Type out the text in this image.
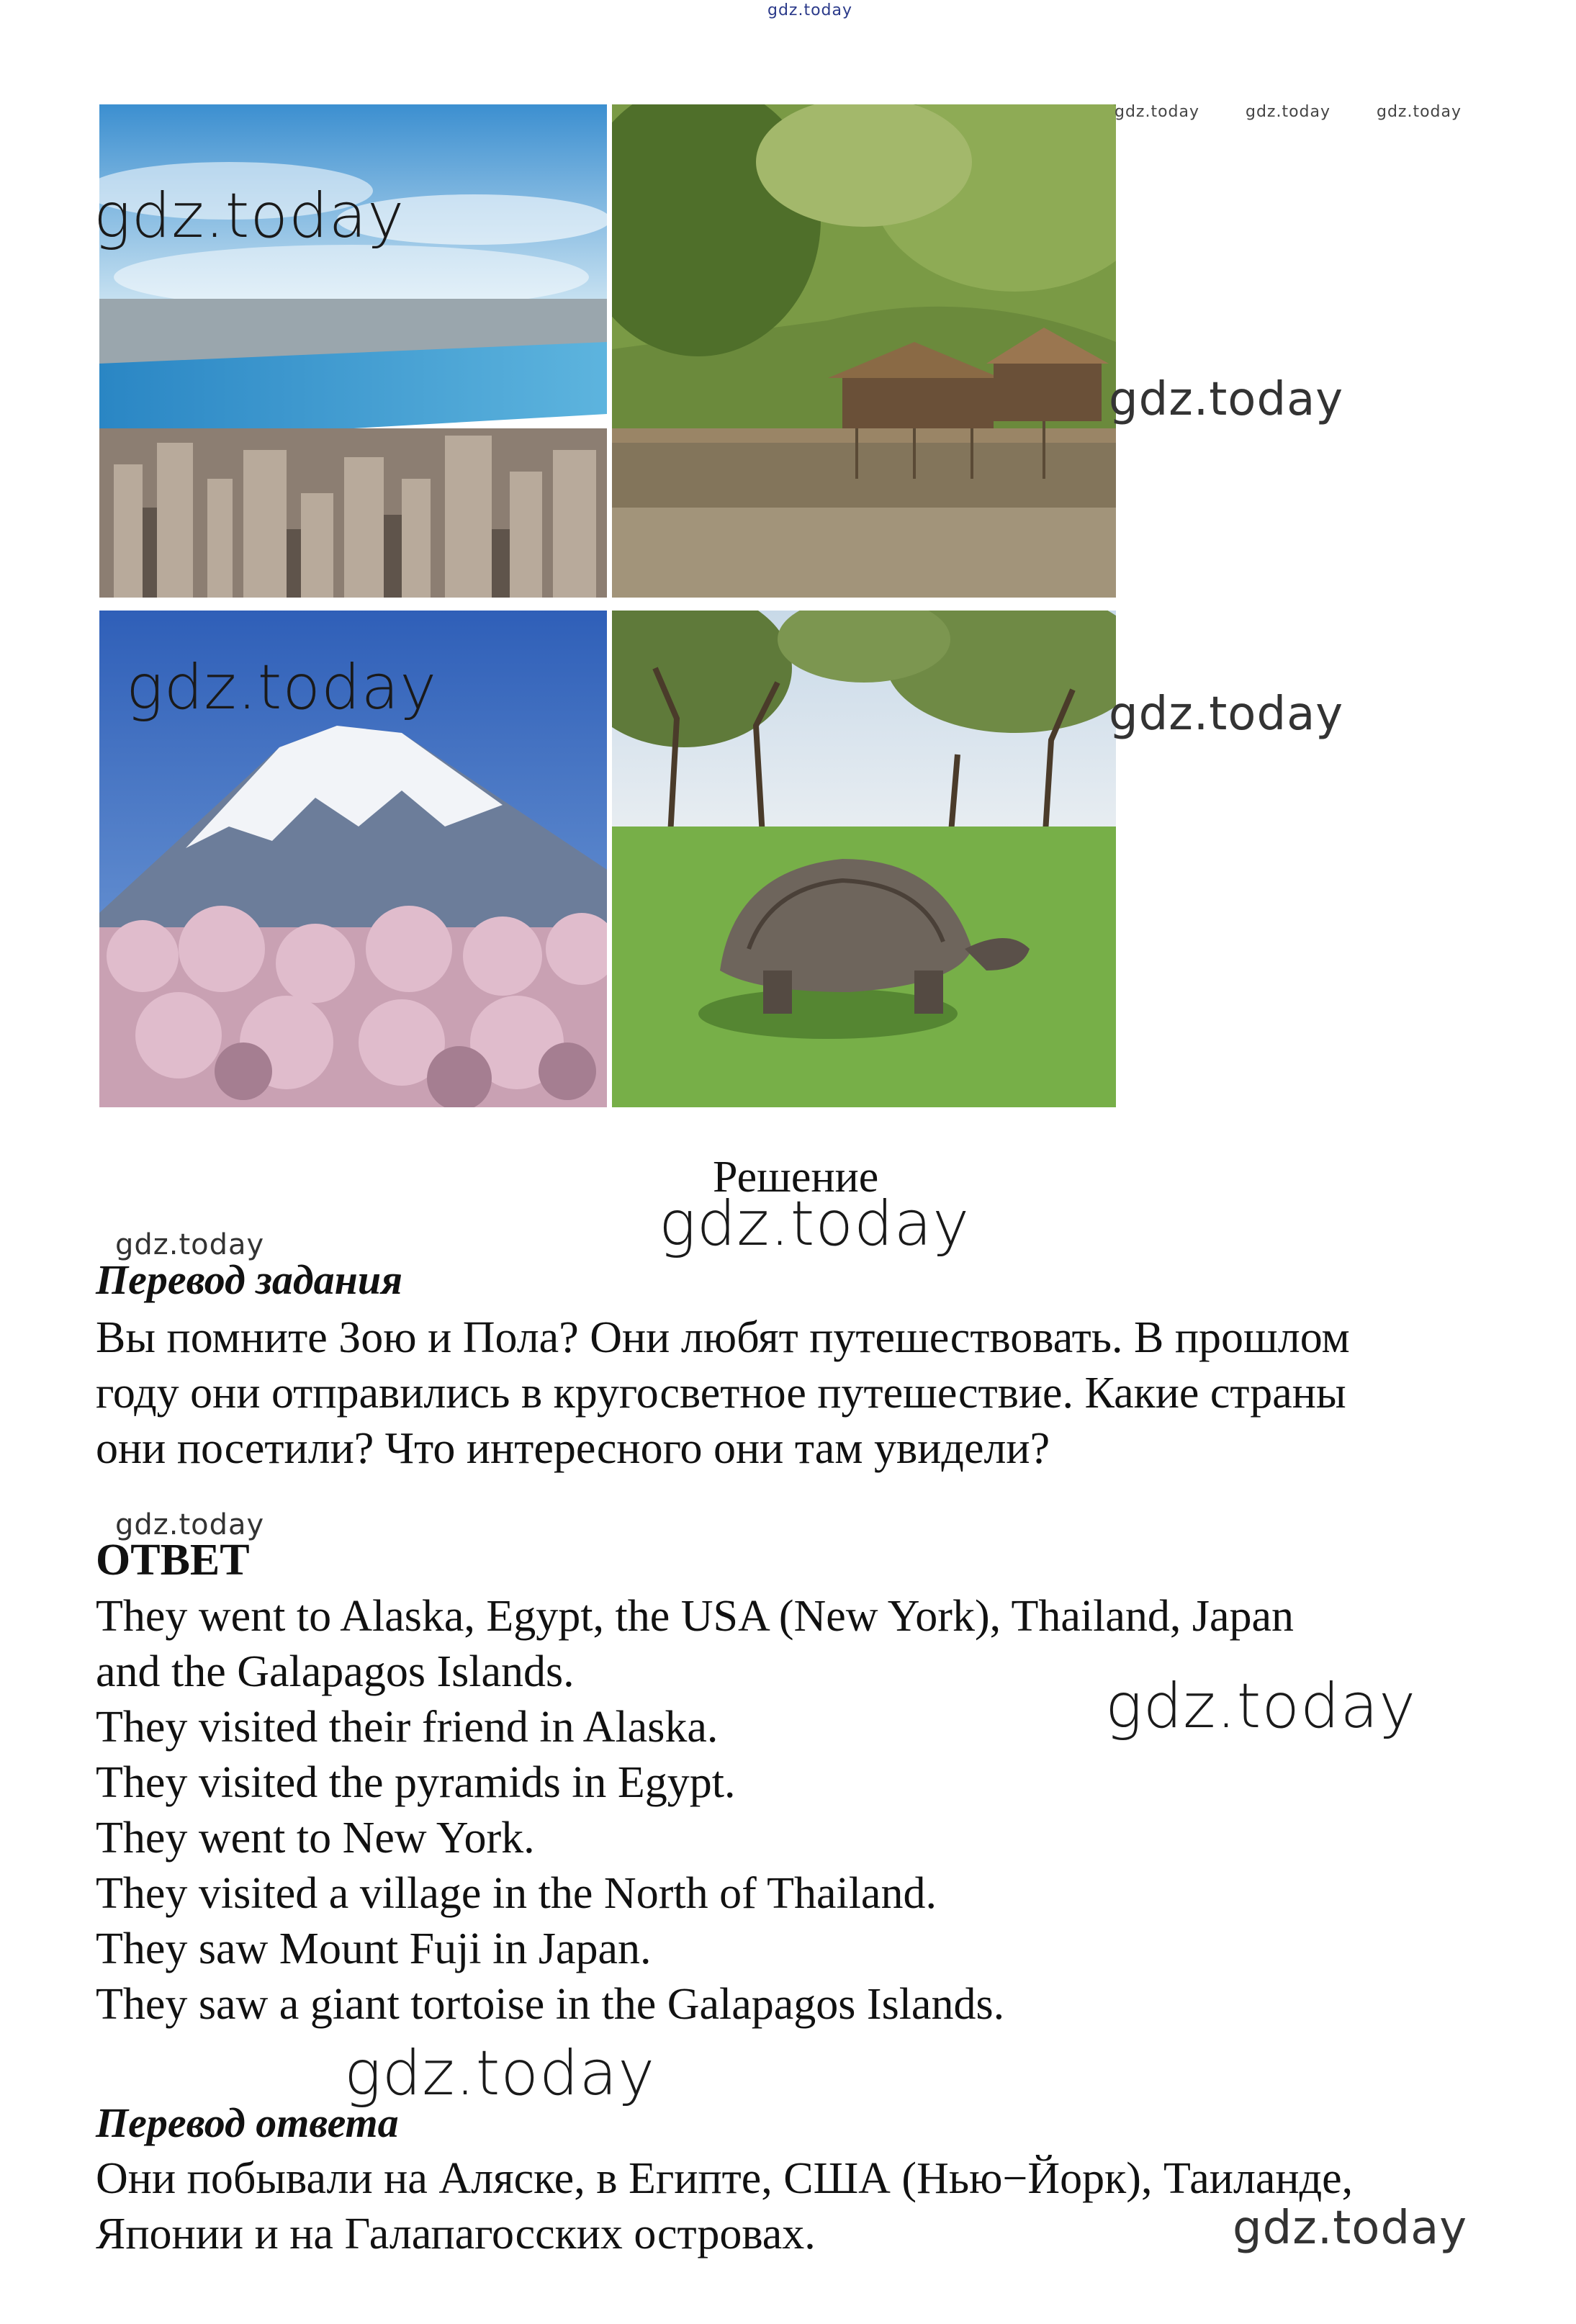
gdz.today
gdz.today
gdz.today
gdz.today
gdz.today
gdz.today	gdz.today	gdz.today
Решение
gdz.today
gdz.today
Перевод задания
Вы помните Зою и Пола? Они любят путешествовать. В прошлом
году они отправились в кругосветное путешествие. Какие страны
они посетили? Что интересного они там увидели?
gdz.today
ОТВЕТ
They went to Alaska, Egypt, the USA (New York), Thailand, Japan
and the Galapagos Islands.
They visited their friend in Alaska.
They visited the pyramids in Egypt.
They went to New York.
They visited a village in the North of Thailand.
They saw Mount Fuji in Japan.
They saw a giant tortoise in the Galapagos Islands.
gdz.today
gdz.today
Перевод ответа
Они побывали на Аляске, в Египте, США (Нью−Йорк), Таиланде,
Японии и на Галапагосских островах.	gdz.today
